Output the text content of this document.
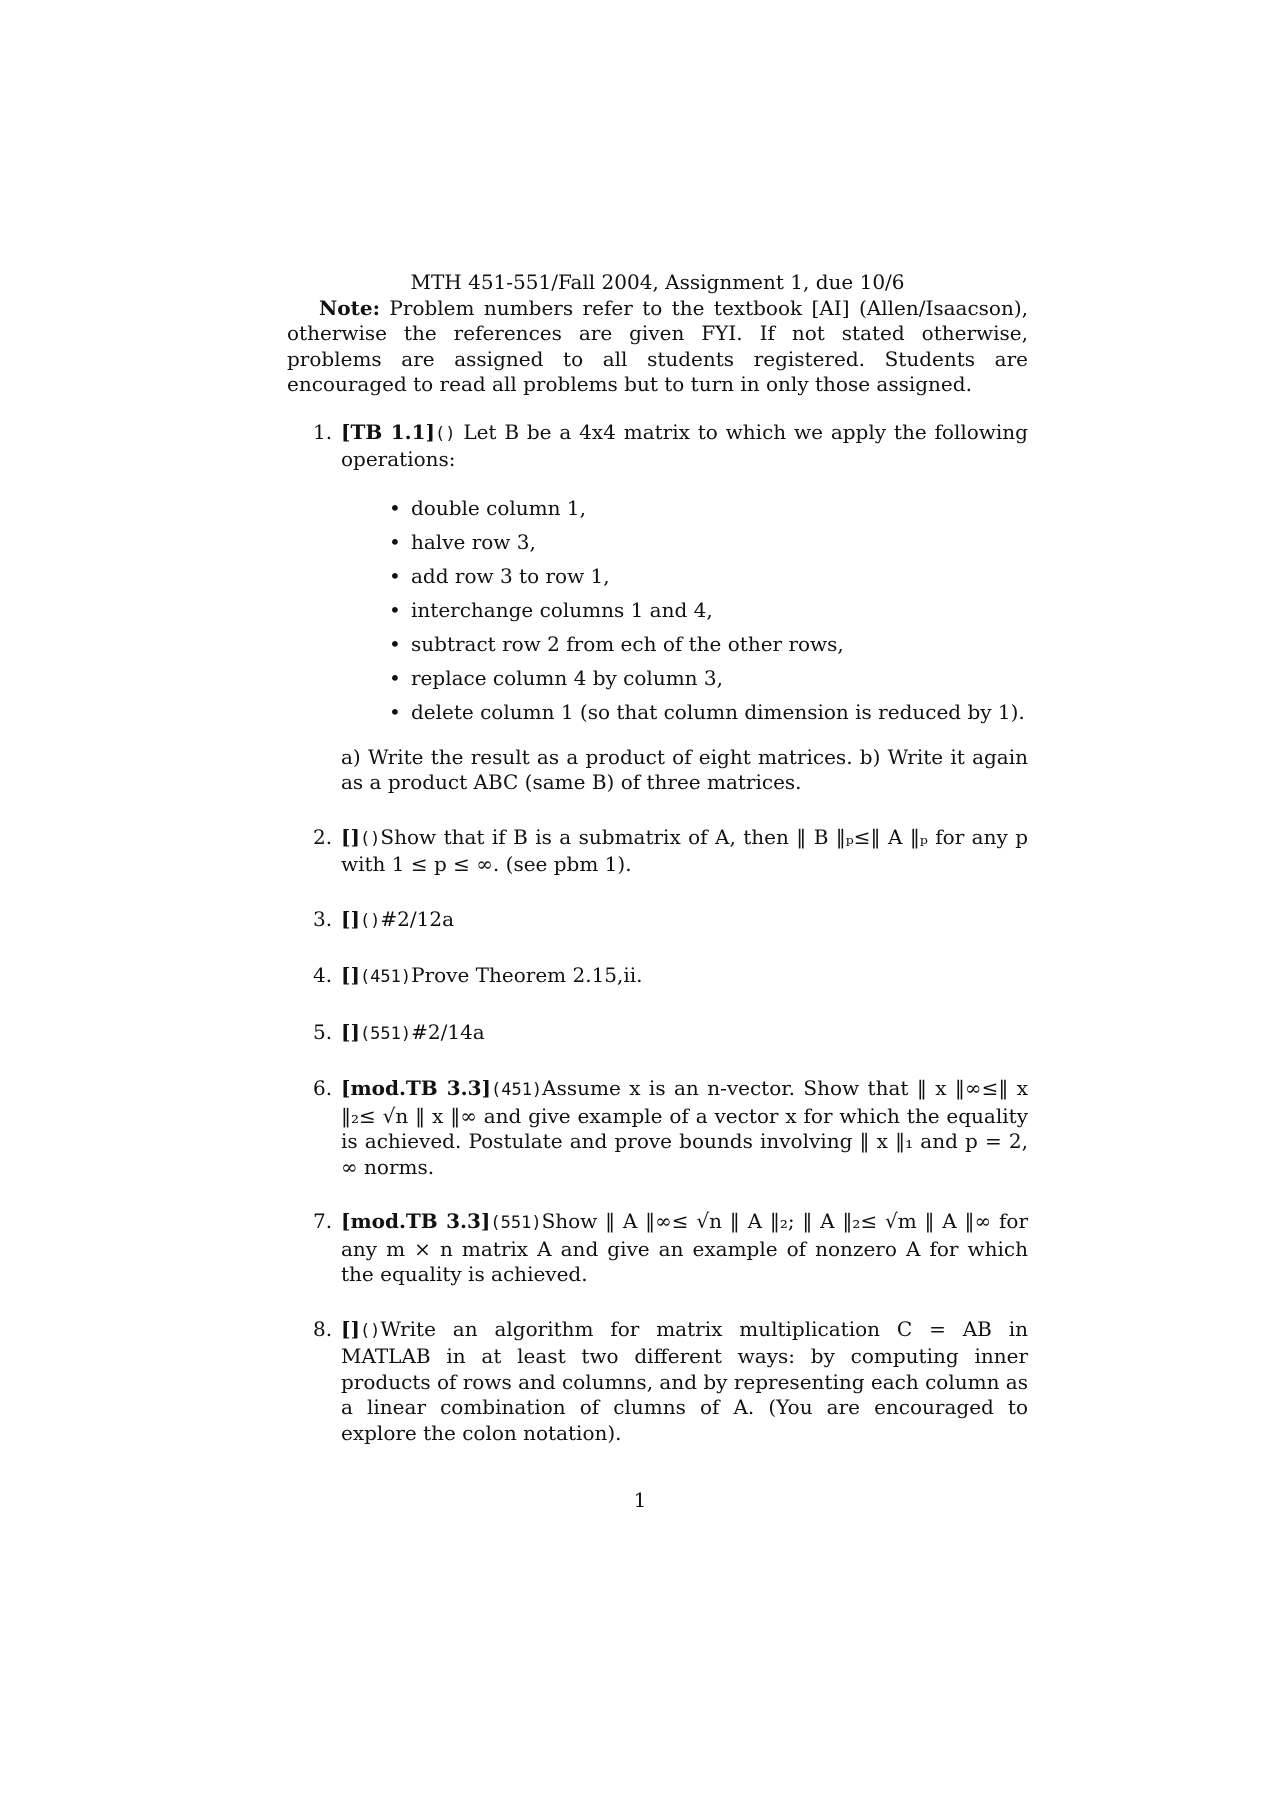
MTH 451-551/Fall 2004, Assignment 1, due 10/6
Note: Problem numbers refer to the textbook [AI] (Allen/Isaacson), otherwise the references are given FYI. If not stated otherwise, problems are assigned to all students registered. Students are encouraged to read all problems but to turn in only those assigned.
1. [TB 1.1]() Let B be a 4x4 matrix to which we apply the following operations:
• double column 1,
• halve row 3,
• add row 3 to row 1,
• interchange columns 1 and 4,
• subtract row 2 from ech of the other rows,
• replace column 4 by column 3,
• delete column 1 (so that column dimension is reduced by 1).
a) Write the result as a product of eight matrices. b) Write it again as a product ABC (same B) of three matrices.
2. []()Show that if B is a submatrix of A, then ‖ B ‖ₚ≤‖ A ‖ₚ for any p with 1 ≤ p ≤ ∞. (see pbm 1).
3. []()#2/12a
4. [](451)Prove Theorem 2.15,ii.
5. [](551)#2/14a
6. [mod.TB 3.3](451)Assume x is an n-vector. Show that ‖ x ‖∞≤‖ x ‖₂≤ √n ‖ x ‖∞ and give example of a vector x for which the equality is achieved. Postulate and prove bounds involving ‖ x ‖₁ and p = 2, ∞ norms.
7. [mod.TB 3.3](551)Show ‖ A ‖∞≤ √n ‖ A ‖₂; ‖ A ‖₂≤ √m ‖ A ‖∞ for any m × n matrix A and give an example of nonzero A for which the equality is achieved.
8. []()Write an algorithm for matrix multiplication C = AB in MATLAB in at least two different ways: by computing inner products of rows and columns, and by representing each column as a linear combination of clumns of A. (You are encouraged to explore the colon notation).
1
